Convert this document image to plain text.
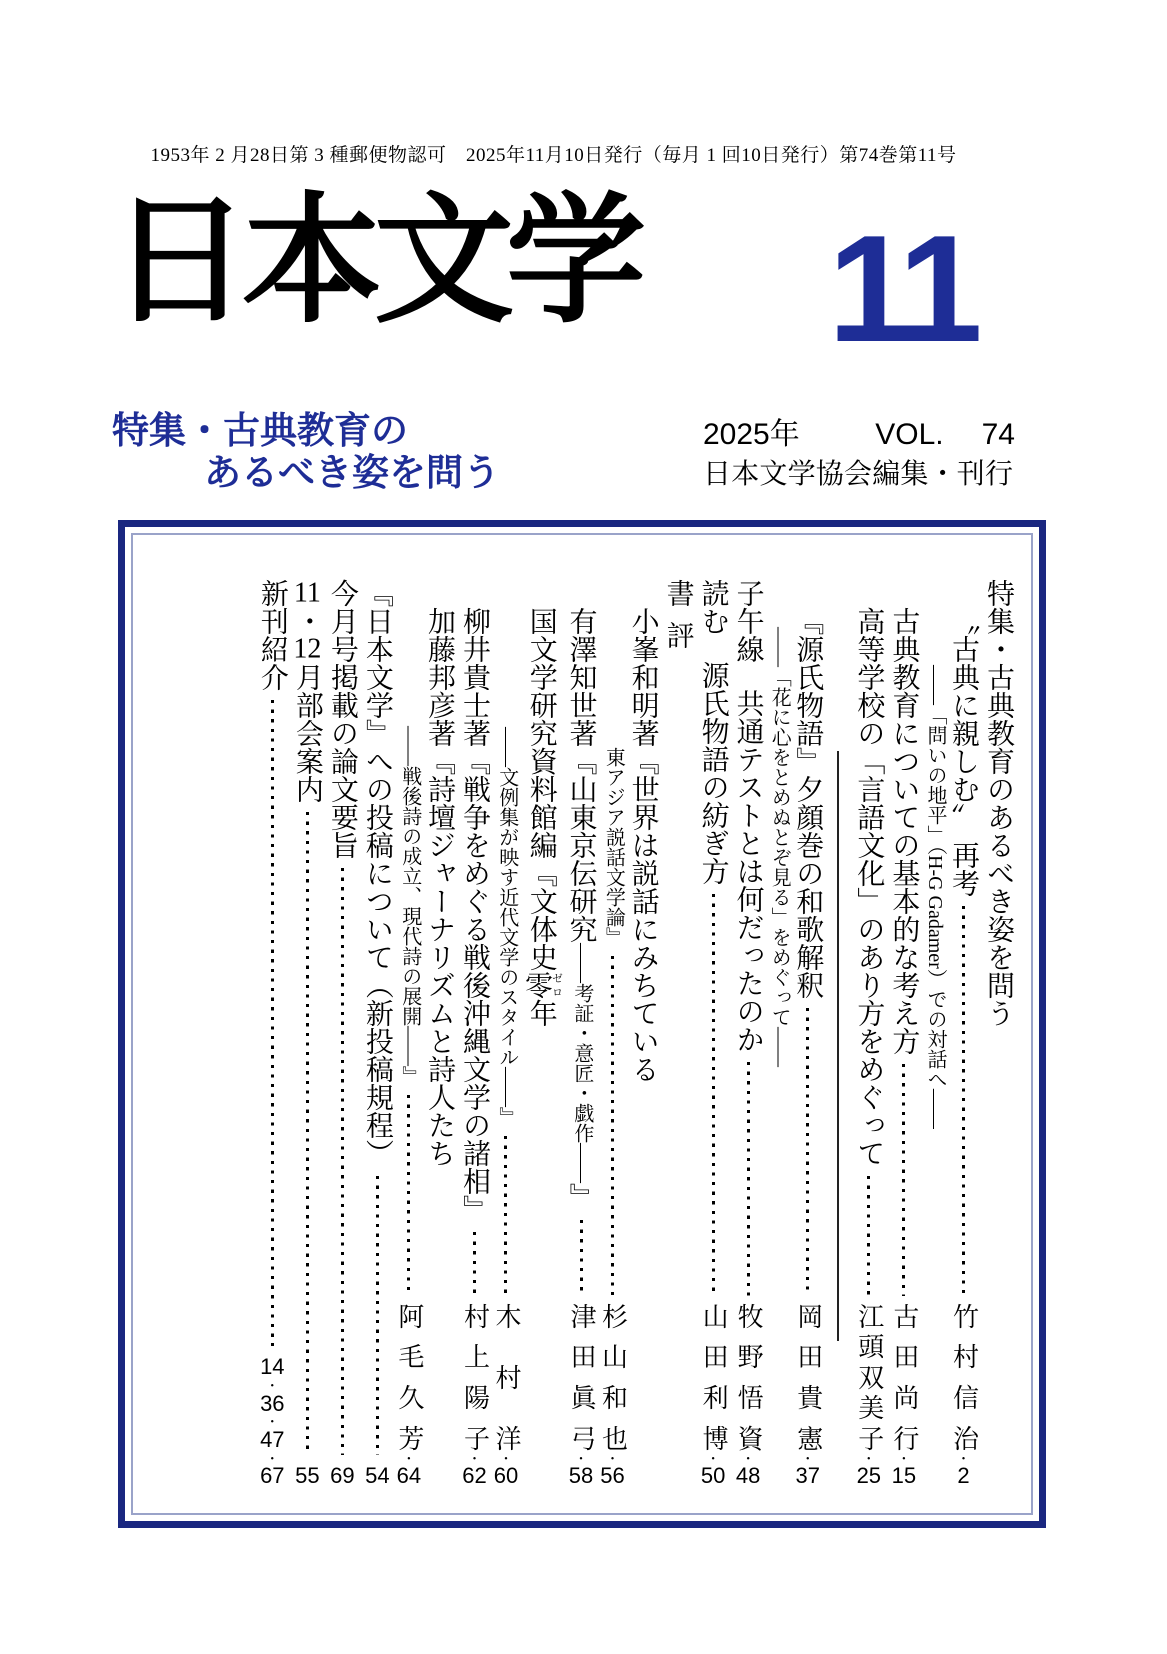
1953年 2 月28日第 3 種郵便物認可　2025年11月10日発行（毎月 1 回10日発行）第74巻第11号
日本文学 11
特集・古典教育の
あるべき姿を問う
2025年	VOL. 74
日本文学協会編集・刊行
特集・古典教育のあるべき姿を問う
〝古典に親しむ〟
再考
竹
村
信
治
・
2
――「問いの地平」（H-G Gadamer）での対話へ――
古典教育についての基本的な考え方
古
田
尚
行
・
15
高等学校の「言語文化」のあり方をめぐって
江
頭
双
美
子
・
25
『源氏物語』夕顔巻の和歌解釈
岡
田
貴
憲
・
37
――「花に心をとめぬとぞ見る」をめぐって――
子午線
共通テストとは何だったのか
牧
野
悟
資
・
48
読む
源氏物語の紡ぎ方
山
田
利
博
・
50
書
評
小峯和明著『世界は説話にみちている
東アジア説話文学論』
杉
山
和
也
・
56
有澤知世著『山東京伝研究
――考証・意匠・戯作――
』
津
田
眞
弓
・
58
国文学研究資料館編『文体史
零ゼロ
年
――文例集が映す近代文学のスタイル――』
木
村
洋
・
60
柳井貴士著『戦争をめぐる戦後沖縄文学の諸相』
村
上
陽
子
・
62
加藤邦彦著『詩壇ジャーナリズムと詩人たち
――戦後詩の成立、現代詩の展開――』
阿
毛
久
芳
・
64
『日本文学』への投稿について（新投稿規程）
54
今月号掲載の論文要旨
69
11
・
12
月部会案内
55
新刊紹介
14
・
36
・
47
・
67
